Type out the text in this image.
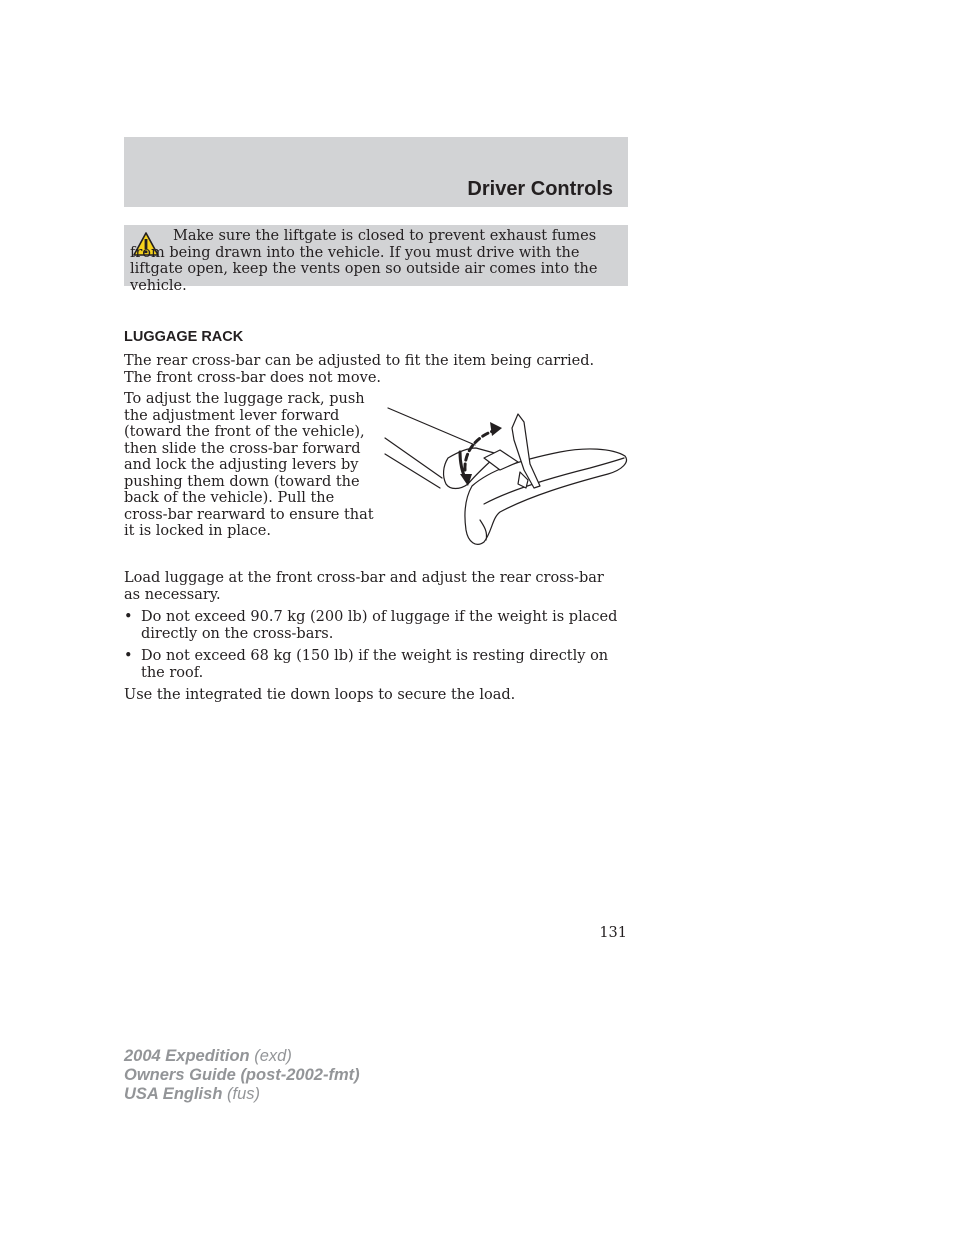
Driver Controls

Make sure the liftgate is closed to prevent exhaust fumes from being drawn into the vehicle. If you must drive with the liftgate open, keep the vents open so outside air comes into the vehicle.

LUGGAGE RACK

The rear cross-bar can be adjusted to fit the item being carried. The front cross-bar does not move.

To adjust the luggage rack, push the adjustment lever forward (toward the front of the vehicle), then slide the cross-bar forward and lock the adjusting levers by pushing them down (toward the back of the vehicle). Pull the cross-bar rearward to ensure that it is locked in place.

Load luggage at the front cross-bar and adjust the rear cross-bar as necessary.

• Do not exceed 90.7 kg (200 lb) of luggage if the weight is placed directly on the cross-bars.
• Do not exceed 68 kg (150 lb) if the weight is resting directly on the roof.

Use the integrated tie down loops to secure the load.

131

2004 Expedition (exd)
Owners Guide (post-2002-fmt)
USA English (fus)
